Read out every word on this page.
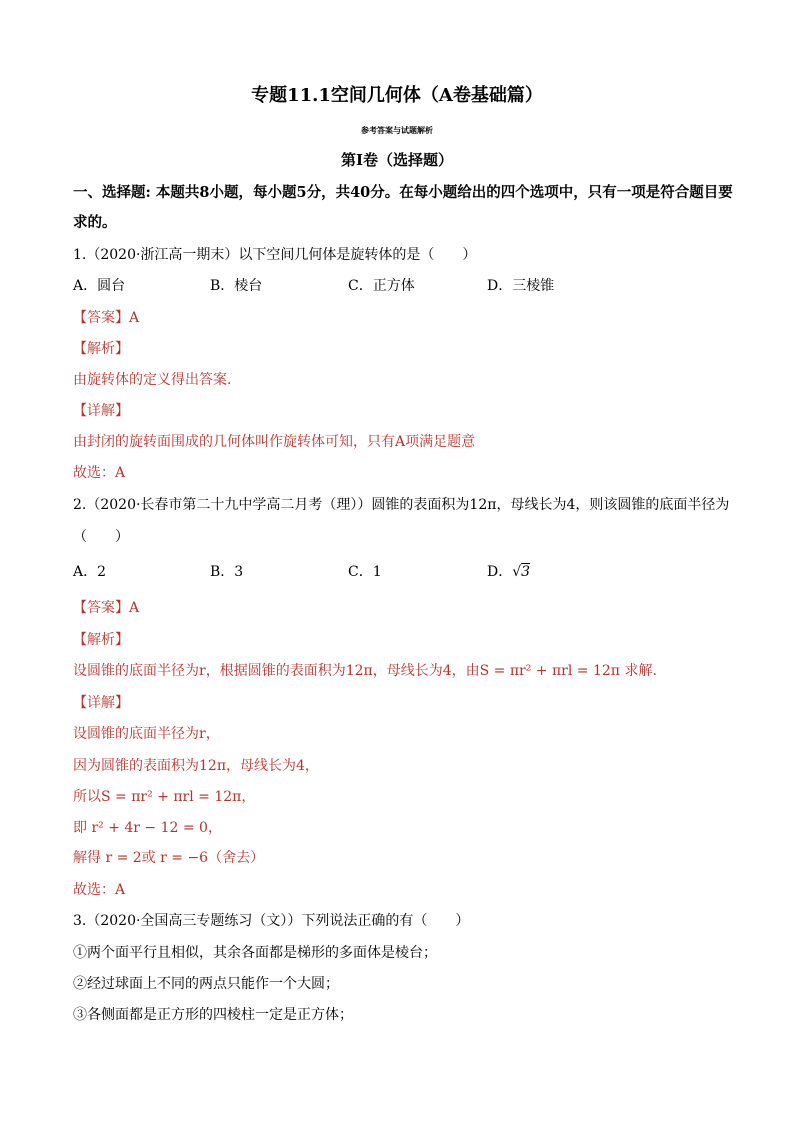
专题11.1空间几何体（A卷基础篇）
参考答案与试题解析
第I卷（选择题）
一、选择题: 本题共8小题，每小题5分，共40分。在每小题给出的四个选项中，只有一项是符合题目要
求的。
1.（2020·浙江高一期末）以下空间几何体是旋转体的是（　　）
A．圆台	B．棱台	C．正方体	D．三棱锥
【答案】A
【解析】
由旋转体的定义得出答案.
【详解】
由封闭的旋转面围成的几何体叫作旋转体可知，只有A项满足题意
故选：A
2.（2020·长春市第二十九中学高二月考（理））圆锥的表面积为12π，母线长为4，则该圆锥的底面半径为
（　　）
A．2	B．3	C．1	D．√3
【答案】A
【解析】
设圆锥的底面半径为r，根据圆锥的表面积为12π，母线长为4，由S = πr² + πrl = 12π 求解.
【详解】
设圆锥的底面半径为r，
因为圆锥的表面积为12π，母线长为4，
所以S = πr² + πrl = 12π，
即 r² + 4r − 12 = 0，
解得 r = 2或 r = −6（舍去）
故选：A
3.（2020·全国高三专题练习（文））下列说法正确的有（　　）
①两个面平行且相似，其余各面都是梯形的多面体是棱台；
②经过球面上不同的两点只能作一个大圆；
③各侧面都是正方形的四棱柱一定是正方体；
